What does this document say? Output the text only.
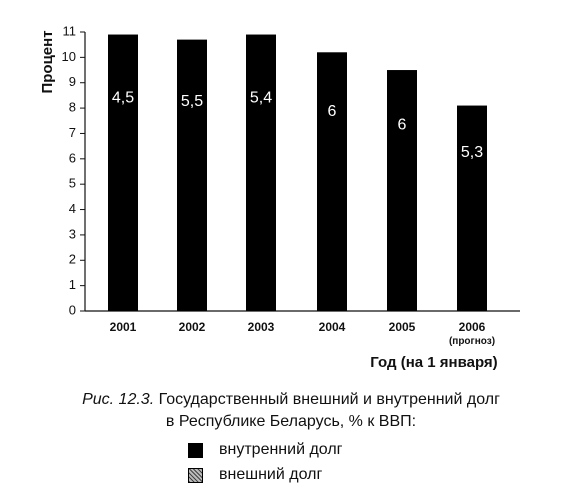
0
1
2
3
4
5
6
7
8
9
10
11
4,5	5,5	5,4
6
6
5,3
2001	2002	2003	2004	2005	2006
(прогноз)
Процент
Год (на 1 января)
Рис. 12.3. Государственный внешний и внутренний долг
в Республике Беларусь, % к ВВП:
внутренний долг
внешний долг
